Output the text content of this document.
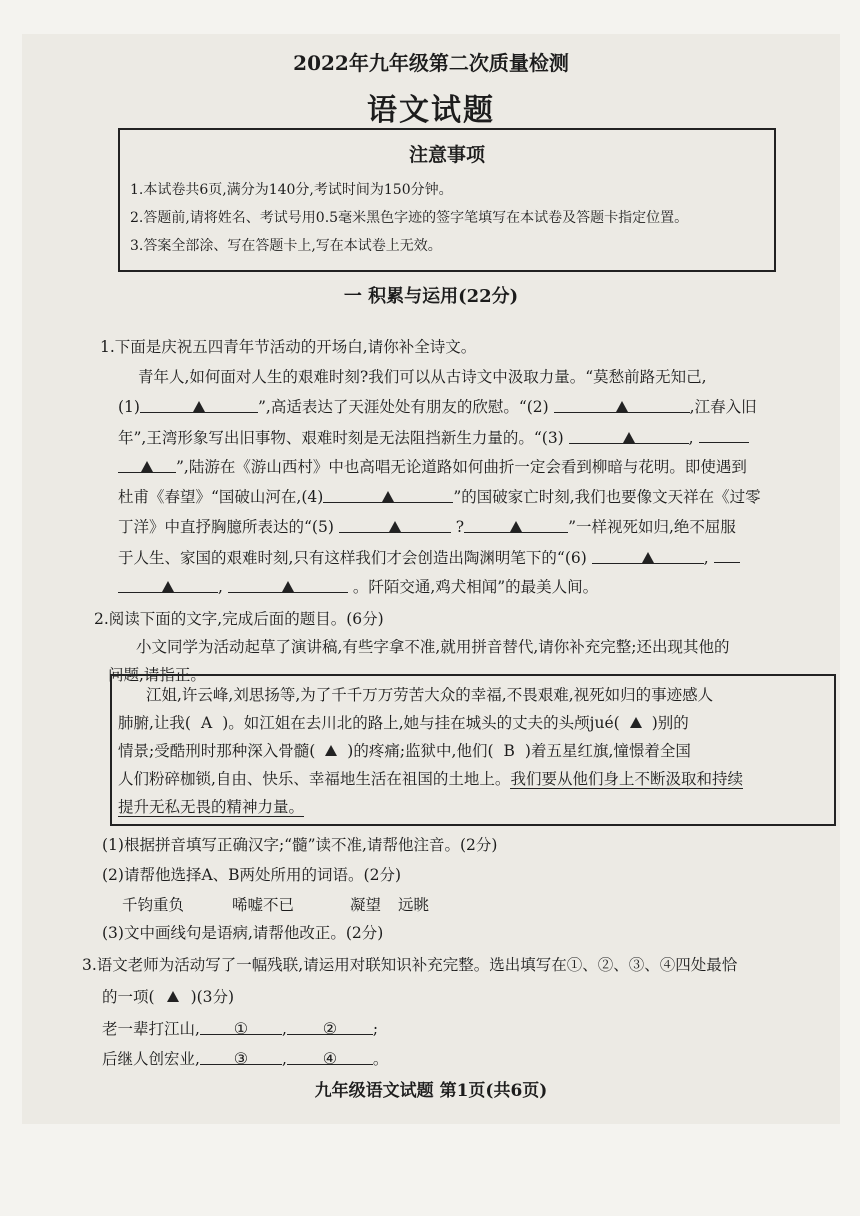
2022年九年级第二次质量检测
语文试题
注意事项
1.本试卷共6页,满分为140分,考试时间为150分钟。
2.答题前,请将姓名、考试号用0.5毫米黑色字迹的签字笔填写在本试卷及答题卡指定位置。
3.答案全部涂、写在答题卡上,写在本试卷上无效。
一 积累与运用(22分)
1.下面是庆祝五四青年节活动的开场白,请你补全诗文。
青年人,如何面对人生的艰难时刻?我们可以从古诗文中汲取力量。“莫愁前路无知己,
(1)	”,高适表达了天涯处处有朋友的欣慰。“(2)	,江春入旧
年”,王湾形象写出旧事物、艰难时刻是无法阻挡新生力量的。“(3)	,
”,陆游在《游山西村》中也高唱无论道路如何曲折一定会看到柳暗与花明。即使遇到
杜甫《春望》“国破山河在,(4)	”的国破家亡时刻,我们也要像文天祥在《过零
丁洋》中直抒胸臆所表达的“(5)	?	”一样视死如归,绝不屈服
于人生、家国的艰难时刻,只有这样我们才会创造出陶渊明笔下的“(6)	,
,	。阡陌交通,鸡犬相闻”的最美人间。
2.阅读下面的文字,完成后面的题目。(6分)
小文同学为活动起草了演讲稿,有些字拿不准,就用拼音替代,请你补充完整;还出现其他的
问题,请指正。
江姐,许云峰,刘思扬等,为了千千万万劳苦大众的幸福,不畏艰难,视死如归的事迹感人
肺腑,让我( A )。如江姐在去川北的路上,她与挂在城头的丈夫的头颅jué( )别的
情景;受酷刑时那种深入骨髓( )的疼痛;监狱中,他们( B )着五星红旗,憧憬着全国
人们粉碎枷锁,自由、快乐、幸福地生活在祖国的土地上。我们要从他们身上不断汲取和持续
提升无私无畏的精神力量。
(1)根据拼音填写正确汉字;“髓”读不准,请帮他注音。(2分)
(2)请帮他选择A、B两处所用的词语。(2分)
千钧重负	唏嘘不已	凝望 远眺
(3)文中画线句是语病,请帮他改正。(2分)
3.语文老师为活动写了一幅残联,请运用对联知识补充完整。选出填写在①、②、③、④四处最恰
的一项( )(3分)
老一辈打江山, ① , ② ;
后继人创宏业, ③ , ④ 。
九年级语文试题 第1页(共6页)
